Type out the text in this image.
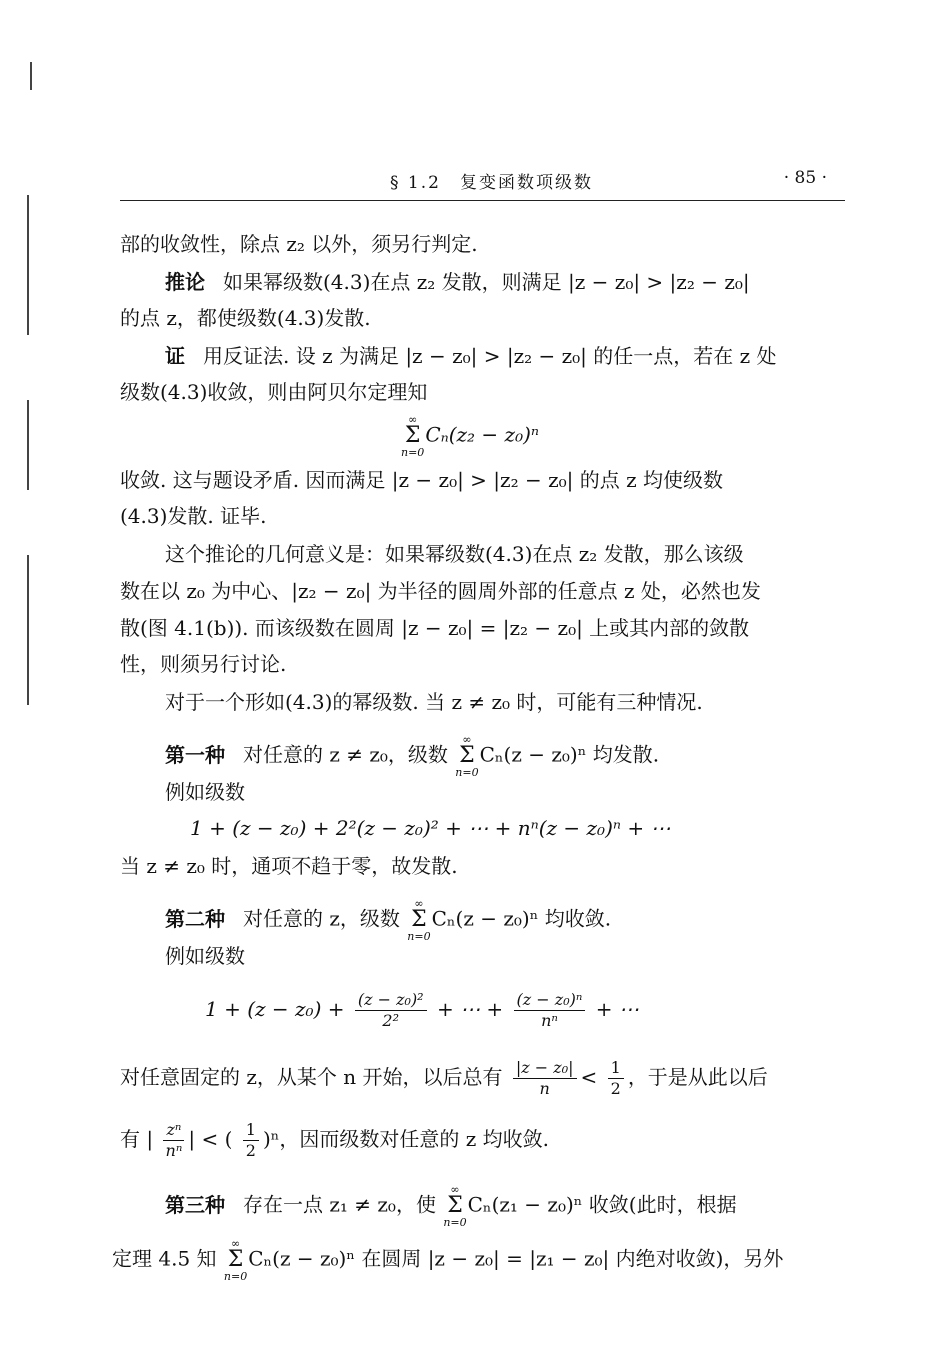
§ 1.2　复变函数项级数	· 85 ·
部的收敛性，除点 z₂ 以外，须另行判定.
推论 如果幂级数(4.3)在点 z₂ 发散，则满足 |z − z₀| > |z₂ − z₀|
的点 z，都使级数(4.3)发散.
证 用反证法. 设 z 为满足 |z − z₀| > |z₂ − z₀| 的任一点，若在 z 处
级数(4.3)收敛，则由阿贝尔定理知
∞
Σ
n=0Cₙ(z₂ − z₀)ⁿ
收敛. 这与题设矛盾. 因而满足 |z − z₀| > |z₂ − z₀| 的点 z 均使级数
(4.3)发散. 证毕.
这个推论的几何意义是：如果幂级数(4.3)在点 z₂ 发散，那么该级
数在以 z₀ 为中心、|z₂ − z₀| 为半径的圆周外部的任意点 z 处，必然也发
散(图 4.1(b)). 而该级数在圆周 |z − z₀| = |z₂ − z₀| 上或其内部的敛散
性，则须另行讨论.
对于一个形如(4.3)的幂级数. 当 z ≠ z₀ 时，可能有三种情况.
第一种 对任意的 z ≠ z₀，级数 ∞
Σ
n=0Cₙ(z − z₀)ⁿ 均发散.
例如级数
1 + (z − z₀) + 2²(z − z₀)² + ⋯ + nⁿ(z − z₀)ⁿ + ⋯
当 z ≠ z₀ 时，通项不趋于零，故发散.
第二种 对任意的 z，级数 ∞
Σ
n=0Cₙ(z − z₀)ⁿ 均收敛.
例如级数
$1 + (z - z_0) + \frac{\text{(z − z₀)²}}{\text{2²}}$ + ⋯ + $\frac{\text{(z − z₀)ⁿ}}{\text{nⁿ}}$ + ⋯
对任意固定的 z，从某个 n 开始，以后总有 $\frac{\text{|z − z₀|}}{n} < \frac{1}{2}$ ，于是从此以后
有 | $\frac{\text{zⁿ}}{\text{nⁿ}}$ | < ( $\frac{1}{2} )^n$，因而级数对任意的 z 均收敛.
第三种 存在一点 z₁ ≠ z₀，使 ∞
Σ
n=0Cₙ(z₁ − z₀)ⁿ 收敛(此时，根据
定理 4.5 知 ∞
Σ
n=0Cₙ(z − z₀)ⁿ 在圆周 |z − z₀| = |z₁ − z₀| 内绝对收敛)，另外
